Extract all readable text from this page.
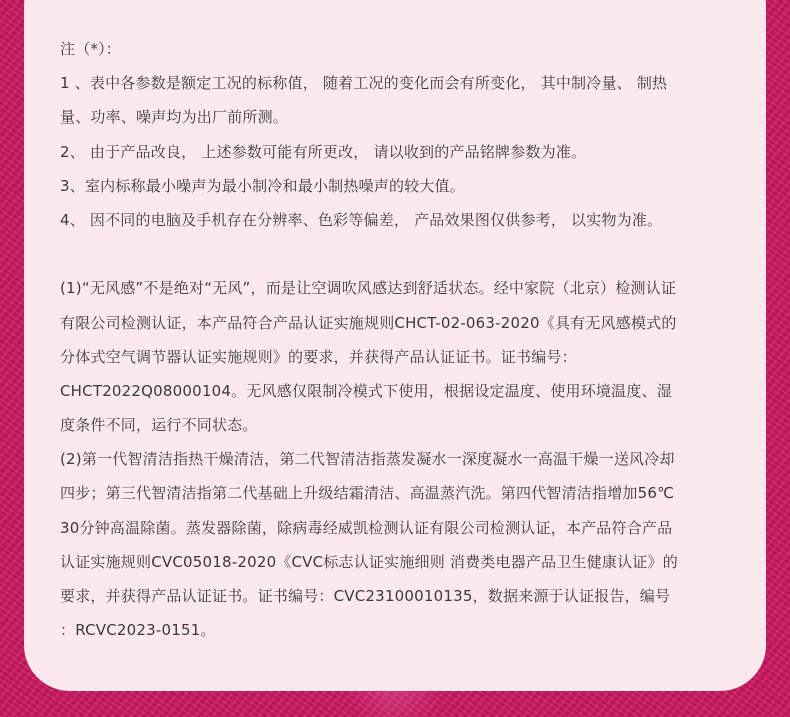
注（*）：
1 、表中各参数是额定工况的标称值， 随着工况的变化而会有所变化， 其中制冷量、 制热
量、功率、噪声均为出厂前所测。
2、 由于产品改良， 上述参数可能有所更改， 请以收到的产品铭牌参数为准。
3、室内标称最小噪声为最小制冷和最小制热噪声的较大值。
4、 因不同的电脑及手机存在分辨率、色彩等偏差， 产品效果图仅供参考， 以实物为准。
(1)“无风感”不是绝对“无风”，而是让空调吹风感达到舒适状态。经中家院（北京）检测认证
有限公司检测认证，本产品符合产品认证实施规则CHCT-02-063-2020《具有无风感模式的
分体式空气调节器认证实施规则》的要求，并获得产品认证证书。证书编号：
CHCT2022Q08000104。无风感仅限制冷模式下使用，根据设定温度、使用环境温度、湿
度条件不同，运行不同状态。
(2)第一代智清洁指热干燥清洁，第二代智清洁指蒸发凝水一深度凝水一高温干燥一送风冷却
四步；第三代智清洁指第二代基础上升级结霜清洁、高温蒸汽洗。第四代智清洁指增加56℃
30分钟高温除菌。蒸发器除菌，除病毒经威凯检测认证有限公司检测认证，本产品符合产品
认证实施规则CVC05018-2020《CVC标志认证实施细则 消费类电器产品卫生健康认证》的
要求，并获得产品认证证书。证书编号：CVC23100010135，数据来源于认证报告，编号
：RCVC2023-0151。
